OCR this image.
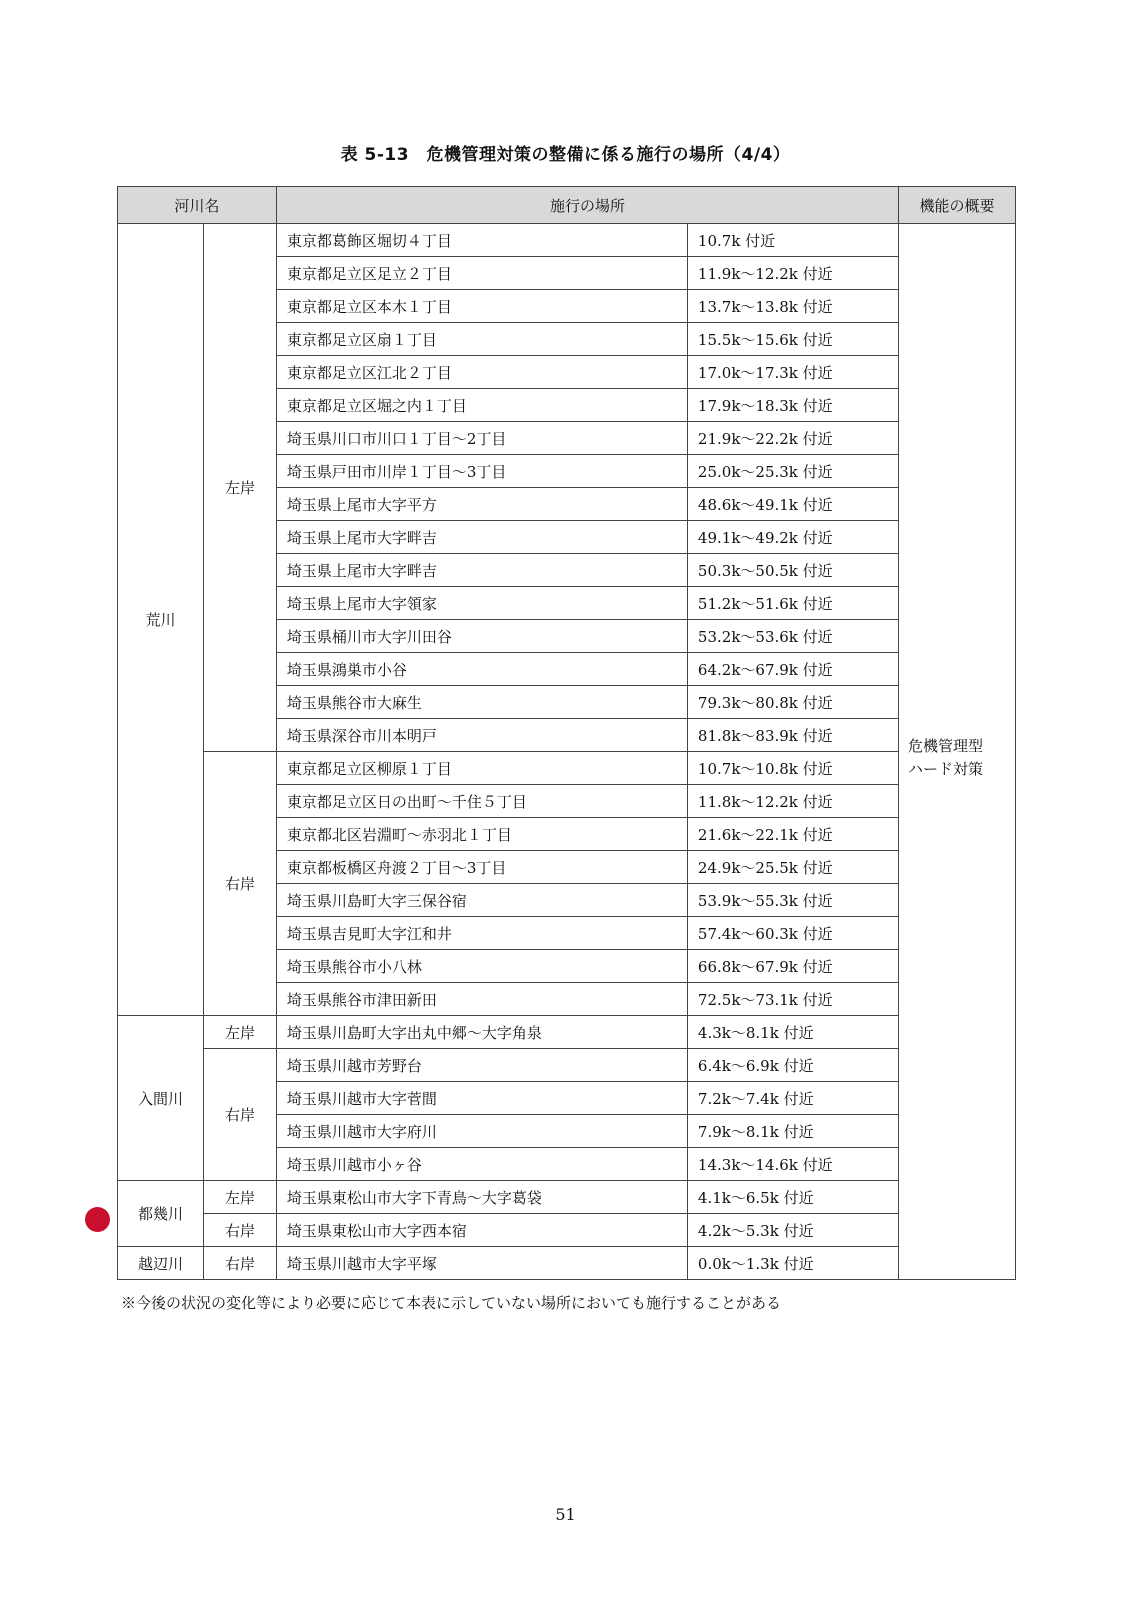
表 5-13　危機管理対策の整備に係る施行の場所（4/4）
河川名		施行の場所		機能の概要
荒川	左岸	東京都葛飾区堀切４丁目	10.7k 付近	
		東京都足立区足立２丁目	11.9k～12.2k 付近	
		東京都足立区本木１丁目	13.7k～13.8k 付近	
		東京都足立区扇１丁目	15.5k～15.6k 付近	
		東京都足立区江北２丁目	17.0k～17.3k 付近	
		東京都足立区堀之内１丁目	17.9k～18.3k 付近	
		埼玉県川口市川口１丁目～2丁目	21.9k～22.2k 付近	
		埼玉県戸田市川岸１丁目～3丁目	25.0k～25.3k 付近	
		埼玉県上尾市大字平方	48.6k～49.1k 付近	
		埼玉県上尾市大字畔吉	49.1k～49.2k 付近	
		埼玉県上尾市大字畔吉	50.3k～50.5k 付近	
		埼玉県上尾市大字領家	51.2k～51.6k 付近	
		埼玉県桶川市大字川田谷	53.2k～53.6k 付近	
		埼玉県鴻巣市小谷	64.2k～67.9k 付近	
		埼玉県熊谷市大麻生	79.3k～80.8k 付近	
		埼玉県深谷市川本明戸	81.8k～83.9k 付近	
	右岸	東京都足立区柳原１丁目	10.7k～10.8k 付近	
		東京都足立区日の出町～千住５丁目	11.8k～12.2k 付近	
		東京都北区岩淵町～赤羽北１丁目	21.6k～22.1k 付近	
		東京都板橋区舟渡２丁目～3丁目	24.9k～25.5k 付近	
		埼玉県川島町大字三保谷宿	53.9k～55.3k 付近	
		埼玉県吉見町大字江和井	57.4k～60.3k 付近	
		埼玉県熊谷市小八林	66.8k～67.9k 付近	
		埼玉県熊谷市津田新田	72.5k～73.1k 付近	
入間川	左岸	埼玉県川島町大字出丸中郷～大字角泉	4.3k～8.1k 付近	
	右岸	埼玉県川越市芳野台	6.4k～6.9k 付近	
		埼玉県川越市大字菅間	7.2k～7.4k 付近	
		埼玉県川越市大字府川	7.9k～8.1k 付近	
		埼玉県川越市小ヶ谷	14.3k～14.6k 付近	
都幾川	左岸	埼玉県東松山市大字下青鳥～大字葛袋	4.1k～6.5k 付近	
	右岸	埼玉県東松山市大字西本宿	4.2k～5.3k 付近	
越辺川	右岸	埼玉県川越市大字平塚	0.0k～1.3k 付近	
危機管理型
ハード対策
※今後の状況の変化等により必要に応じて本表に示していない場所においても施行することがある
51
